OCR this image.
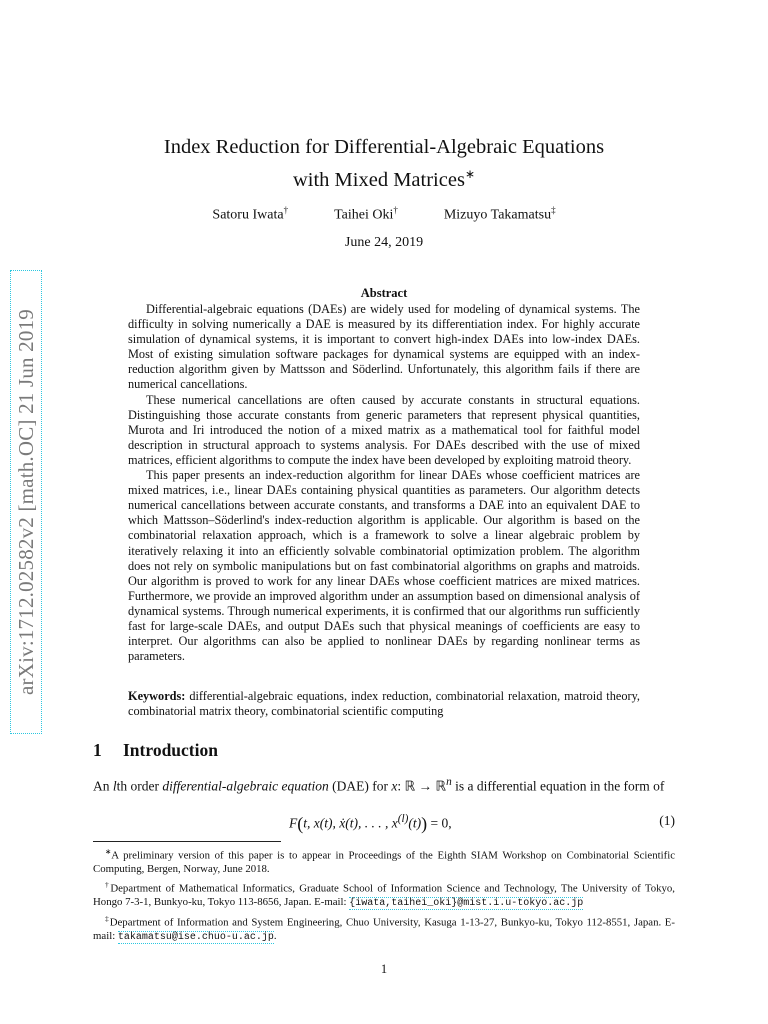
arXiv:1712.02582v2 [math.OC] 21 Jun 2019
Index Reduction for Differential-Algebraic Equations
with Mixed Matrices∗
Satoru Iwata†	Taihei Oki†	Mizuyo Takamatsu‡
June 24, 2019
Abstract

Differential-algebraic equations (DAEs) are widely used for modeling of dynamical systems. The difficulty in solving numerically a DAE is measured by its differentiation index. For highly accurate simulation of dynamical systems, it is important to convert high-index DAEs into low-index DAEs. Most of existing simulation software packages for dynamical systems are equipped with an index-reduction algorithm given by Mattsson and Söderlind. Unfortunately, this algorithm fails if there are numerical cancellations.

These numerical cancellations are often caused by accurate constants in structural equations. Distinguishing those accurate constants from generic parameters that represent physical quantities, Murota and Iri introduced the notion of a mixed matrix as a mathematical tool for faithful model description in structural approach to systems analysis. For DAEs described with the use of mixed matrices, efficient algorithms to compute the index have been developed by exploiting matroid theory.

This paper presents an index-reduction algorithm for linear DAEs whose coefficient matrices are mixed matrices, i.e., linear DAEs containing physical quantities as parameters. Our algorithm detects numerical cancellations between accurate constants, and transforms a DAE into an equivalent DAE to which Mattsson–Söderlind's index-reduction algorithm is applicable. Our algorithm is based on the combinatorial relaxation approach, which is a framework to solve a linear algebraic problem by iteratively relaxing it into an efficiently solvable combinatorial optimization problem. The algorithm does not rely on symbolic manipulations but on fast combinatorial algorithms on graphs and matroids. Our algorithm is proved to work for any linear DAEs whose coefficient matrices are mixed matrices. Furthermore, we provide an improved algorithm under an assumption based on dimensional analysis of dynamical systems. Through numerical experiments, it is confirmed that our algorithms run sufficiently fast for large-scale DAEs, and output DAEs such that physical meanings of coefficients are easy to interpret. Our algorithms can also be applied to nonlinear DAEs by regarding nonlinear terms as parameters.

Keywords: differential-algebraic equations, index reduction, combinatorial relaxation, matroid theory, combinatorial matrix theory, combinatorial scientific computing
1 Introduction
An lth order differential-algebraic equation (DAE) for x: ℝ → ℝ$^n$ is a differential equation in the form of
F(t, x(t), ẋ(t), . . . , $x^{(l)}(t)) = 0$,	(1)

∗A preliminary version of this paper is to appear in Proceedings of the Eighth SIAM Workshop on Combinatorial Scientific Computing, Bergen, Norway, June 2018.

†Department of Mathematical Informatics, Graduate School of Information Science and Technology, The University of Tokyo, Hongo 7-3-1, Bunkyo-ku, Tokyo 113-8656, Japan. E-mail: {iwata,taihei_oki}@mist.i.u-tokyo.ac.jp

‡Department of Information and System Engineering, Chuo University, Kasuga 1-13-27, Bunkyo-ku, Tokyo 112-8551, Japan. E-mail: takamatsu@ise.chuo-u.ac.jp.

1
